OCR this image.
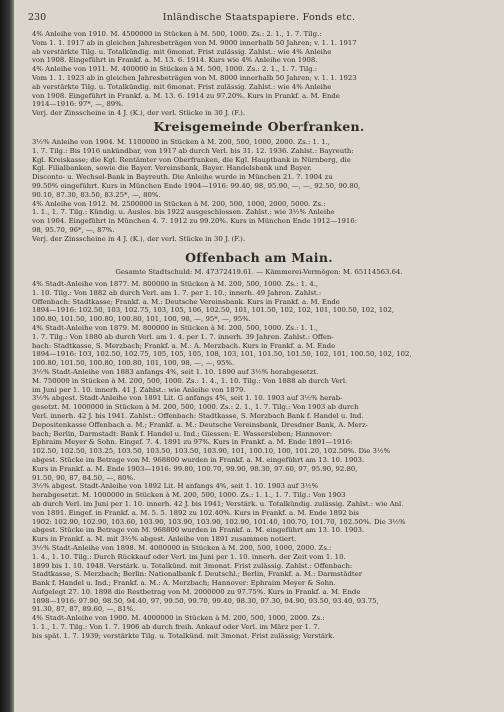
230	Inländische Staatspapiere. Fonds etc.

4% Anleihe von 1910. M. 4500000 in Stücken à M. 500, 1000. Zs.: 2. 1., 1. 7. Tilg.:

Vom 1. 1. 1917 ab in gleichen Jahresbeträgen von M. 9000 innerhalb 50 Jahren; v. 1. 1. 1917

ab verstärkte Tilg. u. Totalkündig. mit 6monat. Frist zulässig. Zahlst.: wie 4% Anleihe

von 1908. Eingeführt in Frankf. a. M. 13. 6. 1914. Kurs wie 4% Anleihe von 1908.

4% Anleihe von 1911. M. 400000 in Stücken à M. 500, 1000. Zs.: 2. 1., 1. 7. Tilg.:

Vom 1. 1. 1923 ab in gleichen Jahresbeträgen von M. 8000 innerhalb 50 Jahren; v. 1. 1. 1923

ab verstärkte Tilg. u. Totalkündig. mit 6monat. Frist zulässig. Zahlst.: wie 4% Anleihe

von 1908. Eingeführt in Frankf. a. M. 13. 6. 1914 zu 97.20%. Kurs in Frankf. a. M. Ende

1914—1916: 97*, —, 89%.

Verj. der Zinsscheine in 4 J. (K.), der verl. Stücke in 30 J. (F.).

Kreisgemeinde Oberfranken.

3½% Anleihe von 1904. M. 1100000 in Stücken à M. 200, 500, 1000, 2000. Zs.: 1. 1.,

1. 7. Tilg.: Bis 1916 unkündbar, von 1917 ab durch Verl. bis 31. 12. 1936. Zahlst.: Bayreuth:

Kgl. Kreiskasse; die Kgl. Rentämter von Oberfranken, die Kgl. Hauptbank in Nürnberg, die

Kgl. Filialbanken, sowie die Bayer. Vereinsbank, Bayer. Handelsbank und Bayer.

Disconto- u. Wechsel-Bank in Bayreuth. Die Anleihe wurde in München 21. 7. 1904 zu

99.50% eingeführt. Kurs in München Ende 1904—1916: 99.40, 98, 95.90, —, —, 92.50, 90.80,

90.10, 87.30, 83.50, 83.25*, —, 80%.

4% Anleihe von 1912. M. 2500000 in Stücken à M. 200, 500, 1000, 2000, 5000. Zs.:

1. 1., 1. 7. Tilg.: Kündig. u. Auslos. bis 1922 ausgeschlossen. Zahlst.: wie 3½% Anleihe

von 1904. Eingeführt in München 4. 7. 1912 zu 99.20%. Kurs in München Ende 1912—1916:

98, 95.70, 96*, —, 87%.

Verj. der Zinsscheine in 4 J. (K.), der verl. Stücke in 30 J. (F.).

Offenbach am Main.
Gesamte Stadtschuld: M. 47372419.61. — Kämmerei-Vermögen: M. 65114563.64.

4% Stadt-Anleihe von 1877. M. 800000 in Stücken à M. 200, 500, 1000. Zs.: 1. 4.,

1. 10. Tilg.: Von 1882 ab durch Verl. am 1. 7. per 1. 10.; innerh. 49 Jahren. Zahlst.:

Offenbach: Stadtkasse; Frankf. a. M.: Deutsche Vereinsbank. Kurs in Frankf. a. M. Ende

1894—1916: 102.50, 103, 102.75, 103, 105, 106, 102.50, 101, 101.50, 102, 102, 101, 100.50, 102, 102,

100.80, 101.50, 100.80, 100.80, 101, 100, 98, —, 95*, —, 95%.

4% Stadt-Anleihe von 1879. M. 800000 in Stücken à M. 200, 500, 1000. Zs.: 1. 1.,

1. 7. Tilg.: Von 1880 ab durch Verl. am 1. 4. per 1. 7. innerh. 39 Jahren. Zahlst.: Offen-

bach: Stadtkasse, S. Merzbach; Frankf. a. M.: A. Merzbach. Kurs in Frankf. a. M. Ende

1894—1916: 103, 102.50, 102.75, 105, 105, 105, 108, 103, 101, 101.50, 101.50, 102, 101, 100.50, 102, 102,

100.80, 101.50, 100.80, 100.80, 101, 100, 98, —, —, 95%.

3½% Stadt-Anleihe von 1883 anfangs 4%, seit 1. 10. 1890 auf 3½% herabgesetzt.

M. 750000 in Stücken à M. 200, 500, 1000. Zs.: 1. 4., 1. 10. Tilg.: Von 1888 ab durch Verl.

im Juni per 1. 10. innerh. 41 J. Zahlst.: wie Anleihe von 1879.

3½% abgest. Stadt-Anleihe von 1891 Lit. G anfangs 4%, seit 1. 10. 1903 auf 3½% herab-

gesetzt. M. 1000000 in Stücken à M. 200, 500, 1000. Zs.: 2. 1., 1. 7. Tilg.: Von 1903 ab durch

Verl. innerh. 42 J. bis 1941. Zahlst.: Offenbach: Stadtkasse, S. Merzbach Bank f. Handel u. Ind.

Depositenkasse Offenbach a. M.; Frankf. a. M.: Deutsche Vereinsbank, Dresdner Bank, A. Merz-

bach; Berlin, Darmstadt: Bank f. Handel u. Ind.; Giessen: E. Wassersleben; Hannover:

Ephraim Meyer & Sohn. Eingef. 7. 4. 1891 zu 97%. Kurs in Frankf. a. M. Ende 1891—1916:

102.50, 102.50, 103.25, 103.50, 103.50, 103.50, 103.90, 101, 100.10, 100, 101.20, 102.50%. Die 3½%

abgest. Stücke im Betrage von M. 968800 wurden in Frankf. a. M. eingeführt am 13. 10. 1903.

Kurs in Frankf. a. M. Ende 1903—1916: 99.80, 100.70, 99.90, 98.30, 97.60, 97, 95.90, 92.80,

91.50, 90, 87, 84.50, —, 80%.

3½% abgest. Stadt-Anleihe von 1892 Lit. H anfangs 4%, seit 1. 10. 1903 auf 3½%

herabgesetzt. M. 1000000 in Stücken à M. 200, 500, 1000. Zs.: 1. 1., 1. 7. Tilg.: Von 1903

ab durch Verl. im Juni per 1. 10. innerh. 42 J. bis 1941; Verstärk. u. Totalkündig. zulässig. Zahlst.: wie Anl.

von 1891. Eingef. in Frankf. a. M. 5. 5. 1892 zu 102.40%. Kurs in Frankf. a. M. Ende 1892 bis

1902: 102.90, 102.90, 103.60, 103.90, 103.90, 103.90, 102.90, 101.40, 100.70, 101.70, 102.50%. Die 3½%

abgest. Stücke im Betrage von M. 968800 wurden in Frankf. a. M. eingeführt am 13. 10. 1903.

Kurs in Frankf. a. M. mit 3½% abgest. Anleihe von 1891 zusammen notiert.

3½% Stadt-Anleihe von 1898. M. 4000000 in Stücken à M. 200, 500, 1000, 2000. Zs.:

1. 4., 1. 10. Tilg.: Durch Rückkauf oder Verl. im Juni per 1. 10. innerh. der Zeit vom 1. 10.

1899 bis 1. 10. 1948. Verstärk. u. Totalkünd. mit 3monat. Frist zulässig. Zahlst.: Offenbach:

Stadtkasse, S. Merzbach; Berlin: Nationalbank f. Deutschl.; Berlin, Frankf. a. M.: Darmstädter

Bank f. Handel u. Ind.; Frankf. a. M.: A. Merzbach; Hannover: Ephraim Meyer & Sohn.

Aufgelegt 27. 10. 1898 die Restbetrag von M. 2000000 zu 97.75%. Kurs in Frankf. a. M. Ende

1898—1916: 97.90, 98.50, 94.40, 97, 99.50, 99.70, 99.40, 98.30, 97.30, 94.90, 93.50, 93.40, 93.75,

91.30, 87, 87, 89.60, —, 81%.

4% Stadt-Anleihe von 1900. M. 4000000 in Stücken à M. 200, 500, 1000, 2000. Zs.:

1. 1., 1. 7. Tilg.: Von 1. 7. 1906 ab durch freih. Ankauf oder Verl. im März per 1. 7.

bis spät. 1. 7. 1939; verstärkte Tilg. u. Totalkünd. mit 3monat. Frist zulässig; Verstärk.
